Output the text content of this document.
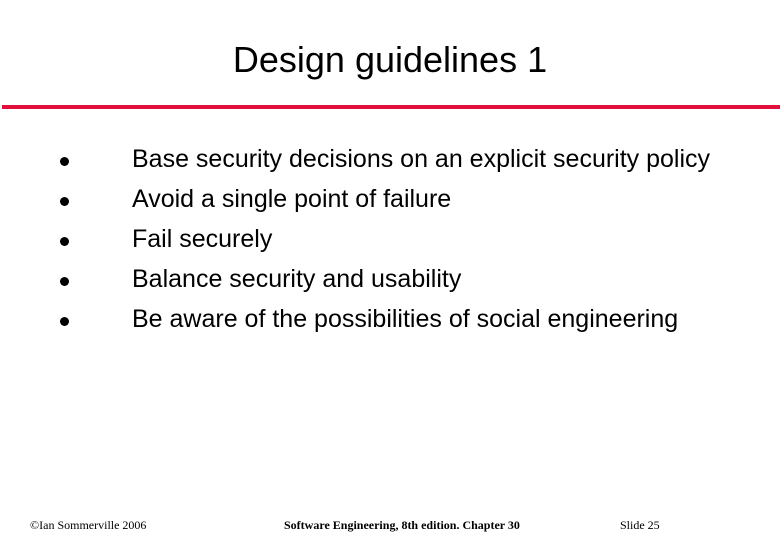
Design guidelines 1
Base security decisions on an explicit security policy
Avoid a single point of failure
Fail securely
Balance security and usability
Be aware of the possibilities of social engineering
©Ian Sommerville 2006	Software Engineering, 8th edition. Chapter 30	Slide 25
